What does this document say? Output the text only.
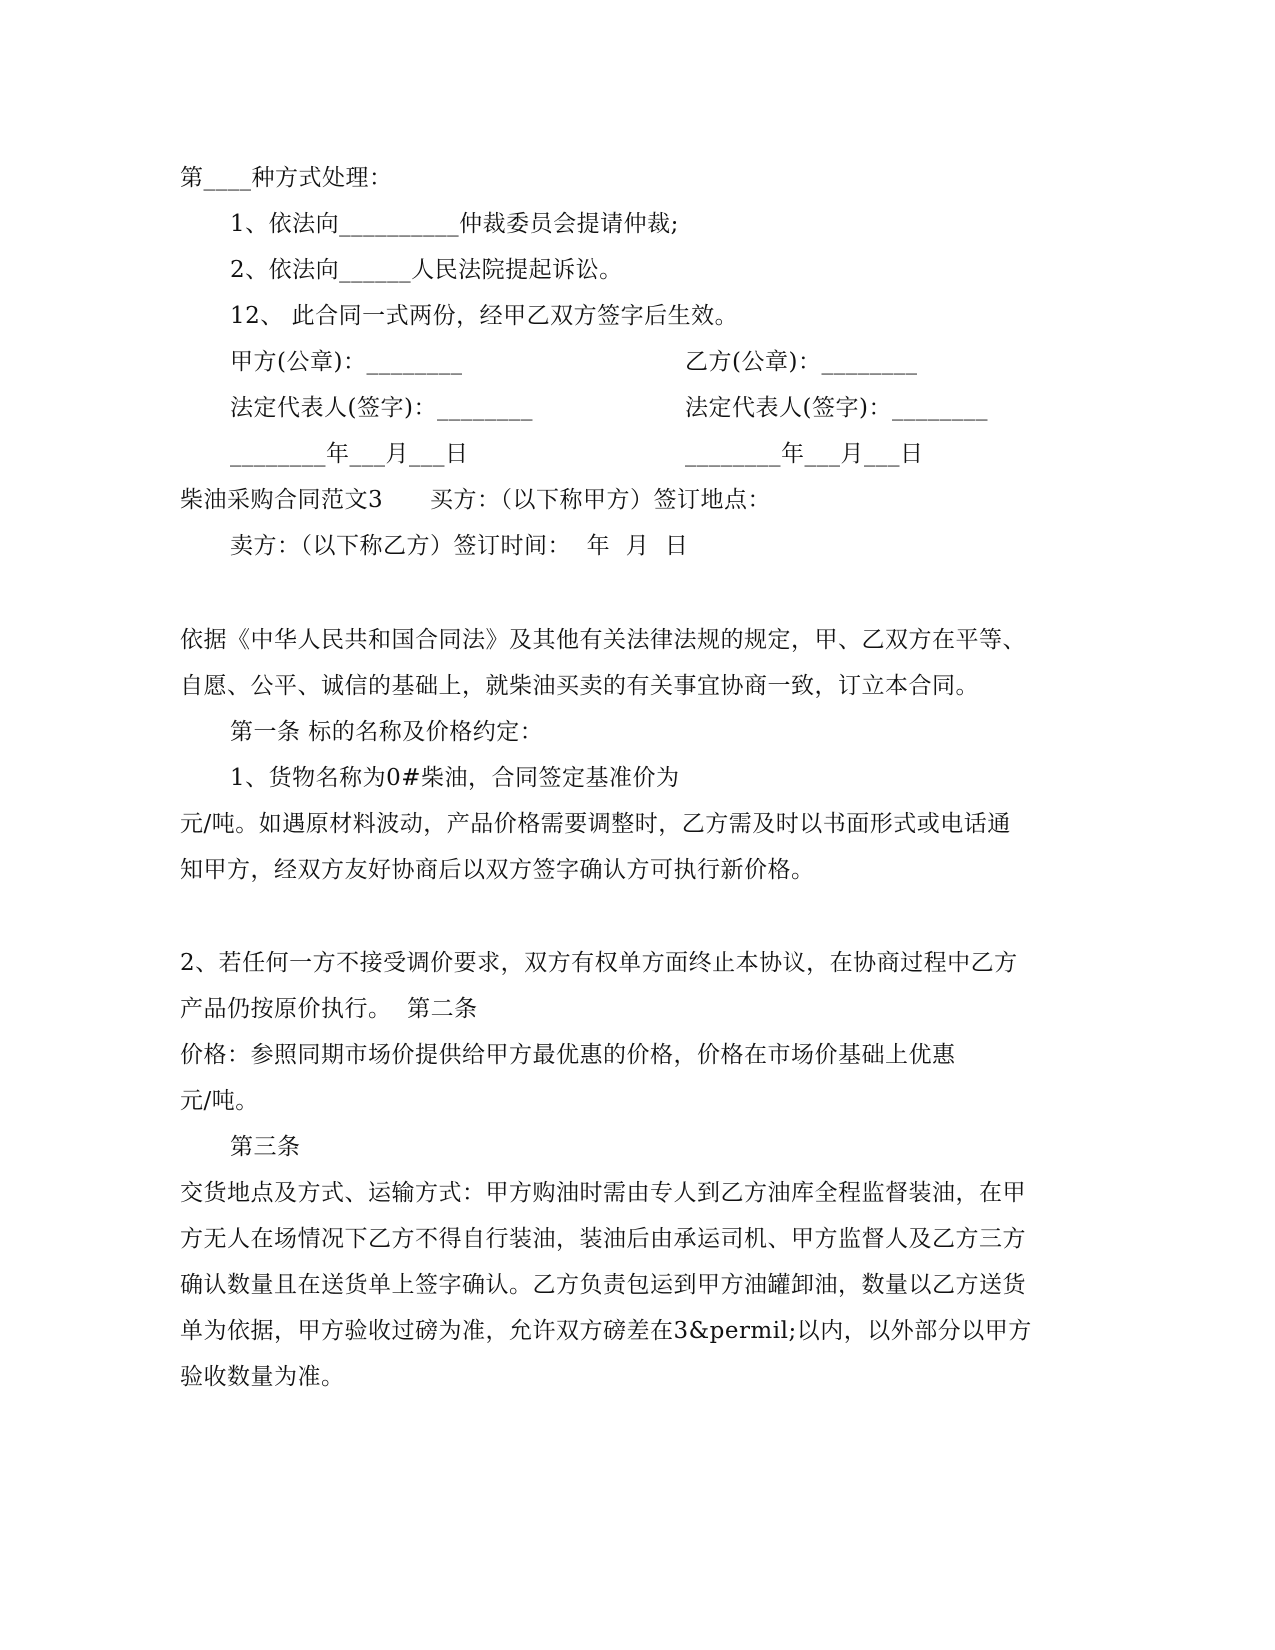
第____种方式处理：
1、依法向__________仲裁委员会提请仲裁;
2、依法向______人民法院提起诉讼。
12、 此合同一式两份，经甲乙双方签字后生效。
甲方(公章)：________	乙方(公章)：________
法定代表人(签字)：________	法定代表人(签字)：________
________年___月___日	________年___月___日
柴油采购合同范文3      买方：（以下称甲方）签订地点：
卖方：（以下称乙方）签订时间：  年  月  日
依据《中华人民共和国合同法》及其他有关法律法规的规定，甲、乙双方在平等、
自愿、公平、诚信的基础上，就柴油买卖的有关事宜协商一致，订立本合同。
第一条 标的名称及价格约定：
1、货物名称为0#柴油，合同签定基准价为
元/吨。如遇原材料波动，产品价格需要调整时，乙方需及时以书面形式或电话通
知甲方，经双方友好协商后以双方签字确认方可执行新价格。
2、若任何一方不接受调价要求，双方有权单方面终止本协议，在协商过程中乙方
产品仍按原价执行。  第二条
价格：参照同期市场价提供给甲方最优惠的价格，价格在市场价基础上优惠
元/吨。
第三条
交货地点及方式、运输方式：甲方购油时需由专人到乙方油库全程监督装油，在甲
方无人在场情况下乙方不得自行装油，装油后由承运司机、甲方监督人及乙方三方
确认数量且在送货单上签字确认。乙方负责包运到甲方油罐卸油，数量以乙方送货
单为依据，甲方验收过磅为准，允许双方磅差在3&permil;以内，以外部分以甲方
验收数量为准。
